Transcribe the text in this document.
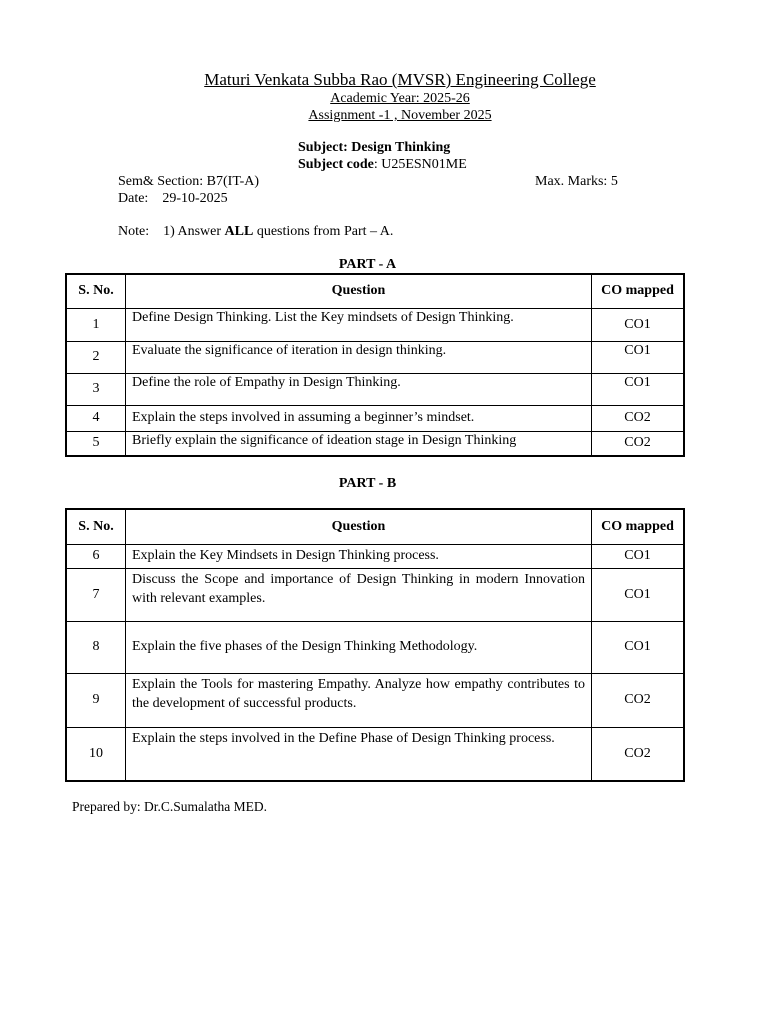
Maturi Venkata Subba Rao (MVSR) Engineering College
Academic Year: 2025-26
Assignment -1 , November 2025
Subject: Design Thinking
Subject code: U25ESN01ME
Sem& Section: B7(IT-A)	Max. Marks: 5
Date: 29-10-2025
Note: 1) Answer ALL questions from Part – A.
PART - A
S. No.	Question	CO mapped
1	Define Design Thinking. List the Key mindsets of Design Thinking.	CO1
2	Evaluate the significance of iteration in design thinking.	CO1
3	Define the role of Empathy in Design Thinking.	CO1
4	Explain the steps involved in assuming a beginner’s mindset.	CO2
5	Briefly explain the significance of ideation stage in Design Thinking	CO2
PART - B
S. No.	Question	CO mapped
6	Explain the Key Mindsets in Design Thinking process.	CO1
7	Discuss the Scope and importance of Design Thinking in modern Innovation with relevant examples.	CO1
8	Explain the five phases of the Design Thinking Methodology.	CO1
9	Explain the Tools for mastering Empathy. Analyze how empathy contributes to the development of successful products.	CO2
10	Explain the steps involved in the Define Phase of Design Thinking process.	CO2
Prepared by: Dr.C.Sumalatha MED.
